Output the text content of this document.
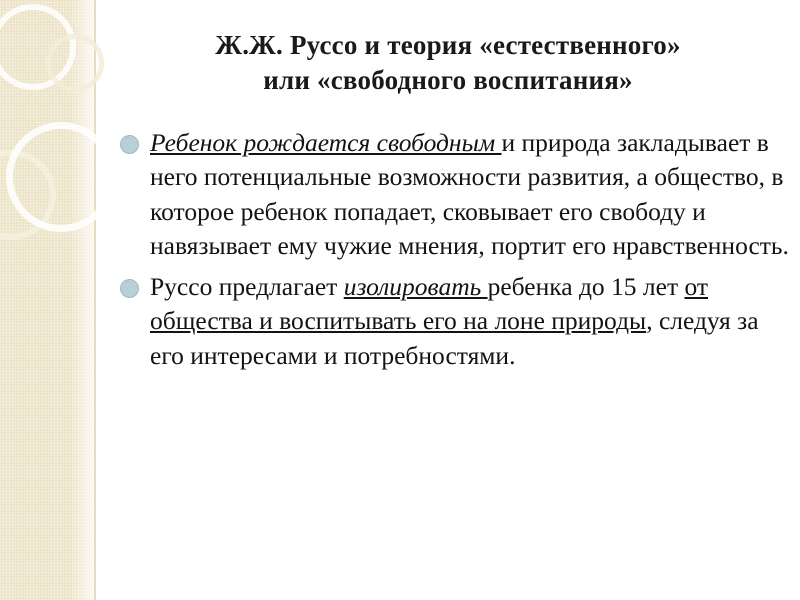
Ж.Ж. Руссо и теория «естественного»
или «свободного воспитания»
Ребенок рождается свободным и природа закладывает в него потенциальные возможности развития, а общество, в которое ребенок попадает, сковывает его свободу и навязывает ему чужие мнения, портит его нравственность.
Руссо предлагает изолировать ребенка до 15 лет от общества и воспитывать его на лоне природы, следуя за его интересами и потребностями.
